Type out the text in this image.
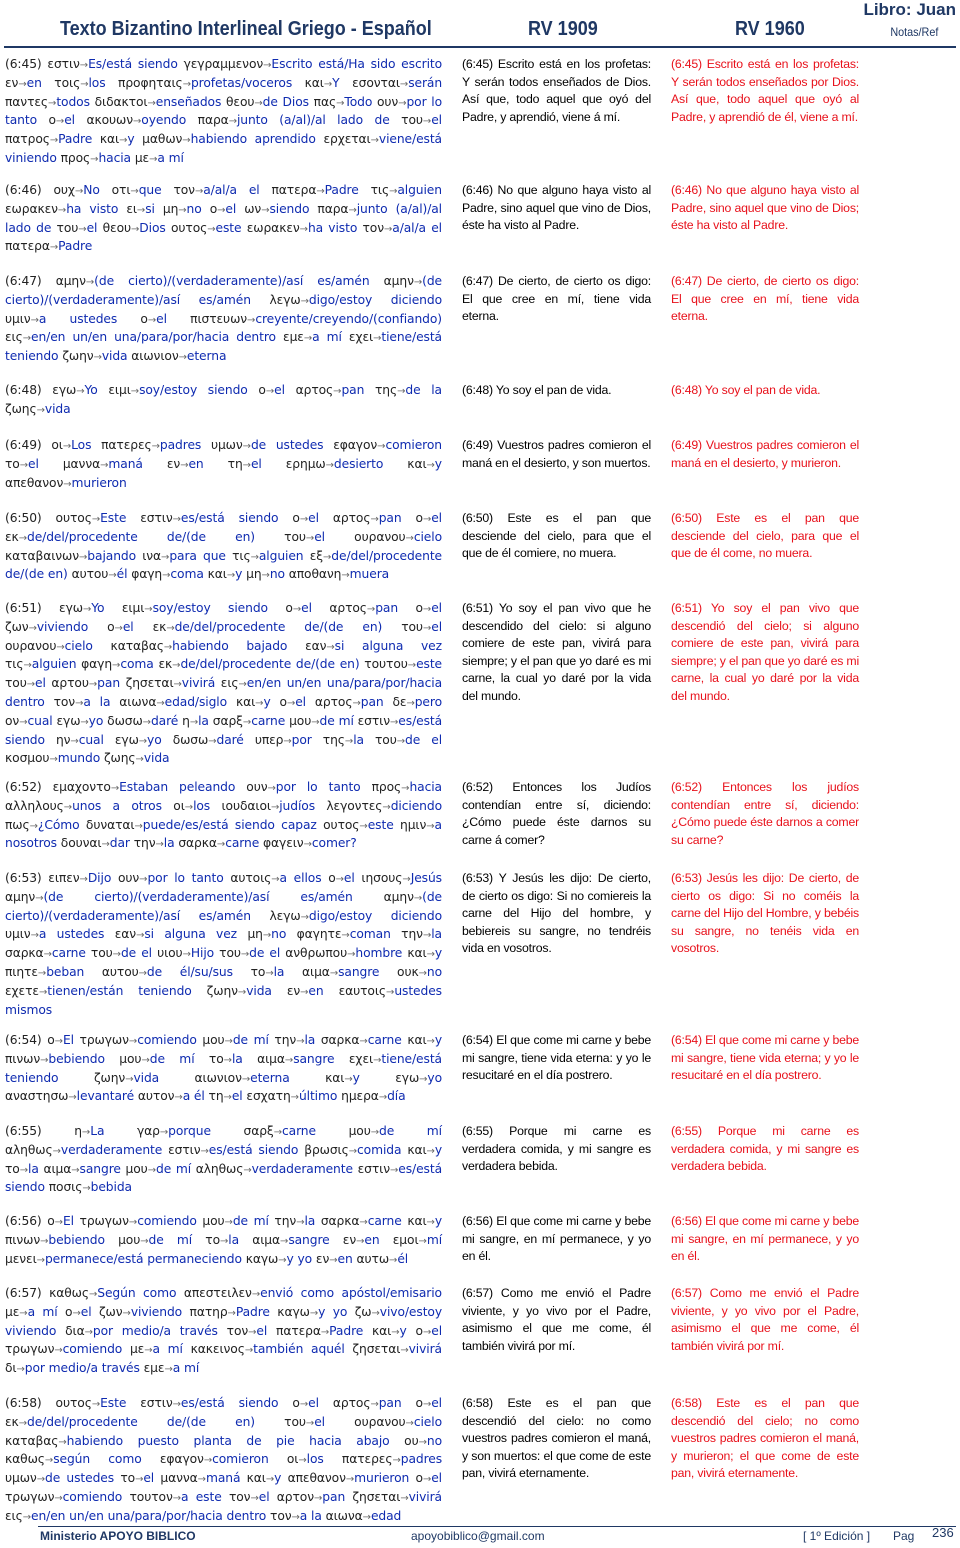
Texto Bizantino Interlineal Griego - Español	RV 1909	RV 1960
Libro: Juan
Notas/Ref
(6:45) εστιν→Es/está siendo γεγραμμενον→Escrito está/Ha sido escrito εν→en τοις→los προφηταις→profetas/voceros και→Y εσονται→serán παντες→todos διδακτοι→enseñados θεου→de Dios πας→Todo ουν→por lo tanto ο→el ακουων→oyendo παρα→junto (a/al)/al lado de του→el πατρος→Padre και→y μαθων→habiendo aprendido ερχεται→viene/está viniendo προς→hacia με→a mí
(6:45) Escrito está en los profetas: Y serán todos enseñados de Dios. Así que, todo aquel que oyó del Padre, y aprendió, viene á mí.
(6:45) Escrito está en los profetas: Y serán todos enseñados por Dios. Así que, todo aquel que oyó al Padre, y aprendió de él, viene a mí.
(6:46) ουχ→No οτι→que τον→a/al/a el πατερα→Padre τις→alguien εωρακεν→ha visto ει→si μη→no ο→el ων→siendo παρα→junto (a/al)/al lado de του→el θεου→Dios ουτος→este εωρακεν→ha visto τον→a/al/a el πατερα→Padre
(6:46) No que alguno haya visto al Padre, sino aquel que vino de Dios, éste ha visto al Padre.
(6:46) No que alguno haya visto al Padre, sino aquel que vino de Dios; éste ha visto al Padre.
(6:47) αμην→(de cierto)/(verdaderamente)/así es/amén αμην→(de cierto)/(verdaderamente)/así es/amén λεγω→digo/estoy diciendo υμιν→a ustedes ο→el πιστευων→creyente/creyendo/(confiando) εις→en/en un/en una/para/por/hacia dentro εμε→a mí εχει→tiene/está teniendo ζωην→vida αιωνιον→eterna
(6:47) De cierto, de cierto os digo: El que cree en mí, tiene vida eterna.
(6:47) De cierto, de cierto os digo: El que cree en mí, tiene vida eterna.
(6:48) εγω→Yo ειμι→soy/estoy siendo ο→el αρτος→pan της→de la ζωης→vida
(6:48) Yo soy el pan de vida.	(6:48) Yo soy el pan de vida.
(6:49) οι→Los πατερες→padres υμων→de ustedes εφαγον→comieron το→el μαννα→maná εν→en τη→el ερημω→desierto και→y απεθανον→murieron
(6:49) Vuestros padres comieron el maná en el desierto, y son muertos.
(6:49) Vuestros padres comieron el maná en el desierto, y murieron.
(6:50) ουτος→Este εστιν→es/está siendo ο→el αρτος→pan ο→el εκ→de/del/procedente de/(de en) του→el ουρανου→cielo καταβαινων→bajando ινα→para que τις→alguien εξ→de/del/procedente de/(de en) αυτου→él φαγη→coma και→y μη→no αποθανη→muera
(6:50) Este es el pan que desciende del cielo, para que el que de él comiere, no muera.
(6:50) Este es el pan que desciende del cielo, para que el que de él come, no muera.
(6:51) εγω→Yo ειμι→soy/estoy siendo ο→el αρτος→pan ο→el ζων→viviendo ο→el εκ→de/del/procedente de/(de en) του→el ουρανου→cielo καταβας→habiendo bajado εαν→si alguna vez τις→alguien φαγη→coma εκ→de/del/procedente de/(de en) τουτου→este του→el αρτου→pan ζησεται→vivirá εις→en/en un/en una/para/por/hacia dentro τον→a la αιωνα→edad/siglo και→y ο→el αρτος→pan δε→pero ον→cual εγω→yo δωσω→daré η→la σαρξ→carne μου→de mí εστιν→es/está siendo ην→cual εγω→yo δωσω→daré υπερ→por της→la του→de el κοσμου→mundo ζωης→vida
(6:51) Yo soy el pan vivo que he descendido del cielo: si alguno comiere de este pan, vivirá para siempre; y el pan que yo daré es mi carne, la cual yo daré por la vida del mundo.
(6:51) Yo soy el pan vivo que descendió del cielo; si alguno comiere de este pan, vivirá para siempre; y el pan que yo daré es mi carne, la cual yo daré por la vida del mundo.
(6:52) εμαχοντο→Estaban peleando ουν→por lo tanto προς→hacia αλληλους→unos a otros οι→los ιουδαιοι→judíos λεγοντες→diciendo πως→¿Cómo δυναται→puede/es/está siendo capaz ουτος→este ημιν→a nosotros δουναι→dar την→la σαρκα→carne φαγειν→comer?
(6:52) Entonces los Judíos contendían entre sí, diciendo: ¿Cómo puede éste darnos su carne á comer?
(6:52) Entonces los judíos contendían entre sí, diciendo: ¿Cómo puede éste darnos a comer su carne?
(6:53) ειπεν→Dijo ουν→por lo tanto αυτοις→a ellos ο→el ιησους→Jesús αμην→(de cierto)/(verdaderamente)/así es/amén	αμην→(de cierto)/(verdaderamente)/así es/amén λεγω→digo/estoy diciendo υμιν→a ustedes εαν→si alguna vez μη→no φαγητε→coman την→la σαρκα→carne του→de el υιου→Hijo του→de el ανθρωπου→hombre και→y πιητε→beban αυτου→de él/su/sus το→la αιμα→sangre ουκ→no εχετε→tienen/están teniendo ζωην→vida εν→en εαυτοις→ustedes mismos
(6:53) Y Jesús les dijo: De cierto, de cierto os digo: Si no comiereis la carne del Hijo del hombre, y bebiereis su sangre, no tendréis vida en vosotros.
(6:53) Jesús les dijo: De cierto, de cierto os digo: Si no coméis la carne del Hijo del Hombre, y bebéis su sangre, no tenéis vida en vosotros.
(6:54) ο→El τρωγων→comiendo μου→de mí την→la σαρκα→carne και→y πινων→bebiendo μου→de mí το→la αιμα→sangre εχει→tiene/está teniendo	ζωην→vida	αιωνιον→eterna	και→y	εγω→yo αναστησω→levantaré αυτον→a él τη→el εσχατη→último ημερα→día
(6:54) El que come mi carne y bebe mi sangre, tiene vida eterna: y yo le resucitaré en el día postrero.
(6:54) El que come mi carne y bebe mi sangre, tiene vida eterna; y yo le resucitaré en el día postrero.
(6:55)	η→La	γαρ→porque	σαρξ→carne	μου→de mí αληθως→verdaderamente εστιν→es/está siendo βρωσις→comida και→y το→la αιμα→sangre μου→de mí αληθως→verdaderamente εστιν→es/está siendo ποσις→bebida
(6:55) Porque mi carne es verdadera comida, y mi sangre es verdadera bebida.
(6:55) Porque mi carne es verdadera comida, y mi sangre es verdadera bebida.
(6:56) ο→El τρωγων→comiendo μου→de mí την→la σαρκα→carne και→y πινων→bebiendo μου→de mí το→la αιμα→sangre εν→en εμοι→mí μενει→permanece/está permaneciendo καγω→y yo εν→en αυτω→él
(6:56) El que come mi carne y bebe mi sangre, en mí permanece, y yo en él.
(6:56) El que come mi carne y bebe mi sangre, en mí permanece, y yo en él.
(6:57) καθως→Según como απεστειλεν→envió como apóstol/emisario με→a mí ο→el ζων→viviendo πατηρ→Padre καγω→y yo ζω→vivo/estoy viviendo δια→por medio/a través τον→el πατερα→Padre και→y ο→el τρωγων→comiendo με→a mí κακεινος→también aquél ζησεται→vivirá δι→por medio/a través εμε→a mí
(6:57) Como me envió el Padre viviente, y yo vivo por el Padre, asimismo el que me come, él también vivirá por mí.
(6:57) Como me envió el Padre viviente, y yo vivo por el Padre, asimismo el que me come, él también vivirá por mí.
(6:58) ουτος→Este εστιν→es/está siendo ο→el αρτος→pan ο→el εκ→de/del/procedente de/(de en) του→el ουρανου→cielo καταβας→habiendo puesto planta de pie hacia abajo ου→no καθως→según como εφαγον→comieron οι→los πατερες→padres υμων→de ustedes το→el μαννα→maná και→y απεθανον→murieron ο→el τρωγων→comiendo τουτον→a este τον→el αρτον→pan ζησεται→vivirá εις→en/en un/en una/para/por/hacia dentro τον→a la αιωνα→edad
(6:58) Este es el pan que descendió del cielo: no como vuestros padres comieron el maná, y son muertos: el que come de este pan, vivirá eternamente.
(6:58) Este es el pan que descendió del cielo; no como vuestros padres comieron el maná, y murieron; el que come de este pan, vivirá eternamente.
Ministerio APOYO BIBLICO	apoyobiblico@gmail.com	[ 1º Edición ] Pag 236
